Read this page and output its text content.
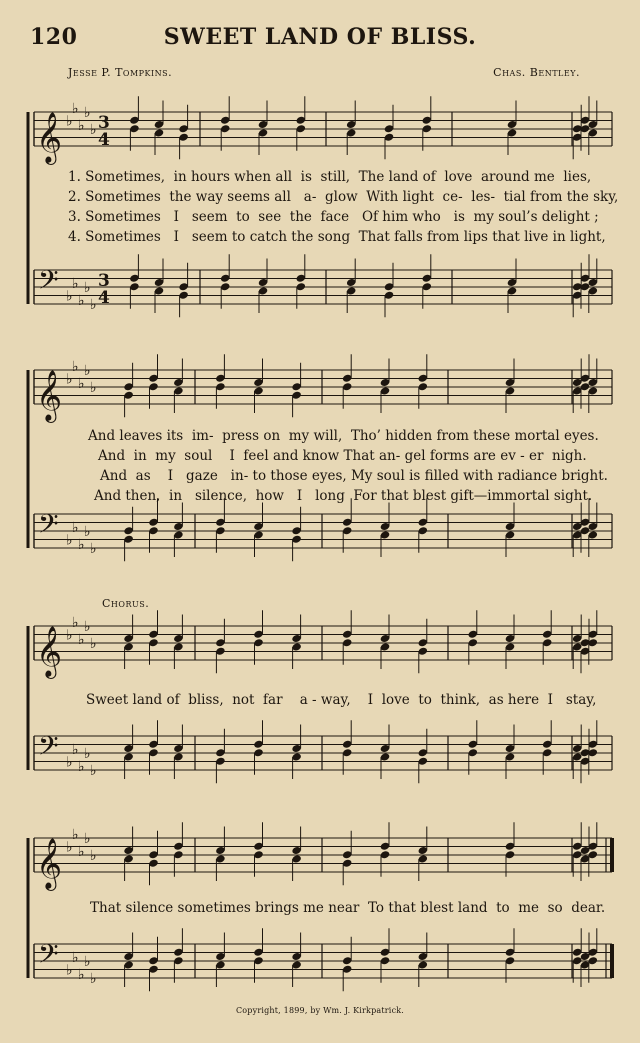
120	SWEET LAND OF BLISS.
Jesse P. Tompkins.	Chas. Bentley.
𝄞 ♭
♭
♭
♭
♭ 3
4
𝄢 ♭
♭
♭
♭
♭
3
4
𝄞 ♭
♭
♭
♭
♭
𝄢 ♭
♭
♭
♭
♭
𝄞 ♭
♭
♭
♭
♭
𝄢 ♭
♭
♭
♭
♭
𝄞 ♭
♭
♭
♭
♭
𝄢 ♭
♭
♭
♭
♭
1. Sometimes,  in hours when all  is  still,  The land of  love  around me  lies,
2. Sometimes  the way seems all   a-  glow  With light  ce-  les-  tial from the sky,
3. Sometimes   I   seem  to  see  the  face   Of him who   is  my soul’s delight ;
4. Sometimes   I   seem to catch the song  That falls from lips that live in light,
And leaves its  im-  press on  my will,  Tho’ hidden from these mortal eyes.
And  in  my  soul    I  feel and know That an- gel forms are ev - er  nigh.
And  as    I   gaze   in- to those eyes, My soul is filled with radiance bright.
And then,  in   silence,  how   I   long  For that blest gift—immortal sight.
Chorus.
Sweet land of  bliss,  not  far    a - way,    I  love  to  think,  as here  I   stay,
That silence sometimes brings me near  To that blest land  to  me  so  dear.
Copyright, 1899, by Wm. J. Kirkpatrick.
